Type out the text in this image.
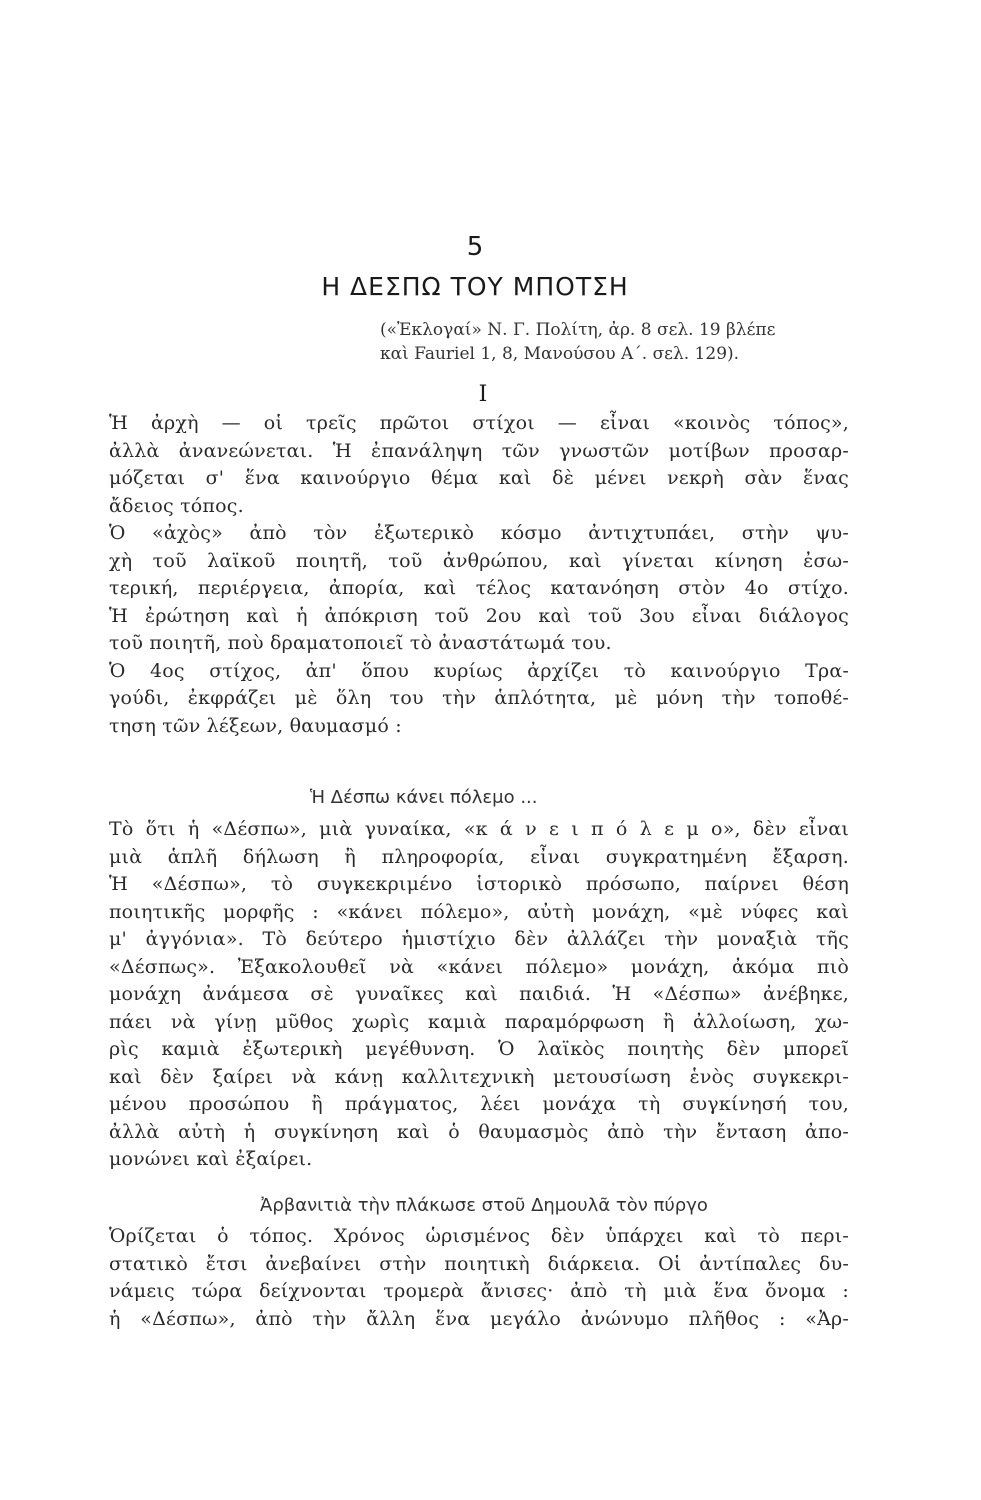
5
Η ΔΕΣΠΩ ΤΟΥ ΜΠΟΤΣΗ
(«Ἐκλογαί» Ν. Γ. Πολίτη, ἀρ. 8 σελ. 19 βλέπε
καὶ Fauriel 1, 8, Μανούσου Α΄. σελ. 129).
I
Ἡ ἀρχὴ — οἱ τρεῖς πρῶτοι στίχοι — εἶναι «κοινὸς τόπος»,
ἀλλὰ ἀνανεώνεται. Ἡ ἐπανάληψη τῶν γνωστῶν μοτίβων προσαρ-
μόζεται σ' ἕνα καινούργιο θέμα καὶ δὲ μένει νεκρὴ σὰν ἕνας
ἄδειος τόπος.
Ὁ «ἀχὸς» ἀπὸ τὸν ἐξωτερικὸ κόσμο ἀντιχτυπάει, στὴν ψυ-
χὴ τοῦ λαϊκοῦ ποιητῆ, τοῦ ἀνθρώπου, καὶ γίνεται κίνηση ἐσω-
τερική, περιέργεια, ἀπορία, καὶ τέλος κατανόηση στὸν 4ο στίχο.
Ἡ ἐρώτηση καὶ ἡ ἀπόκριση τοῦ 2ου καὶ τοῦ 3ου εἶναι διάλογος
τοῦ ποιητῆ, ποὺ δραματοποιεῖ τὸ ἀναστάτωμά του.
Ὁ 4ος στίχος, ἀπ' ὅπου κυρίως ἀρχίζει τὸ καινούργιο Τρα-
γούδι, ἐκφράζει μὲ ὅλη του τὴν ἁπλότητα, μὲ μόνη τὴν τοποθέ-
τηση τῶν λέξεων, θαυμασμό :
Ἡ Δέσπω κάνει πόλεμο ...
Τὸ ὅτι ἡ «Δέσπω», μιὰ γυναίκα, «κ ά ν ε ι π ό λ ε μ ο», δὲν εἶναι
μιὰ ἁπλῆ δήλωση ἢ πληροφορία, εἶναι συγκρατημένη ἔξαρση.
Ἡ «Δέσπω», τὸ συγκεκριμένο ἱστορικὸ πρόσωπο, παίρνει θέση
ποιητικῆς μορφῆς : «κάνει πόλεμο», αὐτὴ μονάχη, «μὲ νύφες καὶ
μ' ἀγγόνια». Τὸ δεύτερο ἡμιστίχιο δὲν ἀλλάζει τὴν μοναξιὰ τῆς
«Δέσπως». Ἐξακολουθεῖ νὰ «κάνει πόλεμο» μονάχη, ἀκόμα πιὸ
μονάχη ἀνάμεσα σὲ γυναῖκες καὶ παιδιά. Ἡ «Δέσπω» ἀνέβηκε,
πάει νὰ γίνῃ μῦθος χωρὶς καμιὰ παραμόρφωση ἢ ἀλλοίωση, χω-
ρὶς καμιὰ ἐξωτερικὴ μεγέθυνση. Ὁ λαϊκὸς ποιητὴς δὲν μπορεῖ
καὶ δὲν ξαίρει νὰ κάνῃ καλλιτεχνικὴ μετουσίωση ἑνὸς συγκεκρι-
μένου προσώπου ἢ πράγματος, λέει μονάχα τὴ συγκίνησή του,
ἀλλὰ αὐτὴ ἡ συγκίνηση καὶ ὁ θαυμασμὸς ἀπὸ τὴν ἔνταση ἀπο-
μονώνει καὶ ἐξαίρει.
Ἀρβανιτιὰ τὴν πλάκωσε στοῦ Δημουλᾶ τὸν πύργο
Ὁρίζεται ὁ τόπος. Χρόνος ὡρισμένος δὲν ὑπάρχει καὶ τὸ περι-
στατικὸ ἔτσι ἀνεβαίνει στὴν ποιητικὴ διάρκεια. Οἱ ἀντίπαλες δυ-
νάμεις τώρα δείχνονται τρομερὰ ἄνισες· ἀπὸ τὴ μιὰ ἕνα ὄνομα :
ἡ «Δέσπω», ἀπὸ τὴν ἄλλη ἕνα μεγάλο ἀνώνυμο πλῆθος : «Ἀρ-
